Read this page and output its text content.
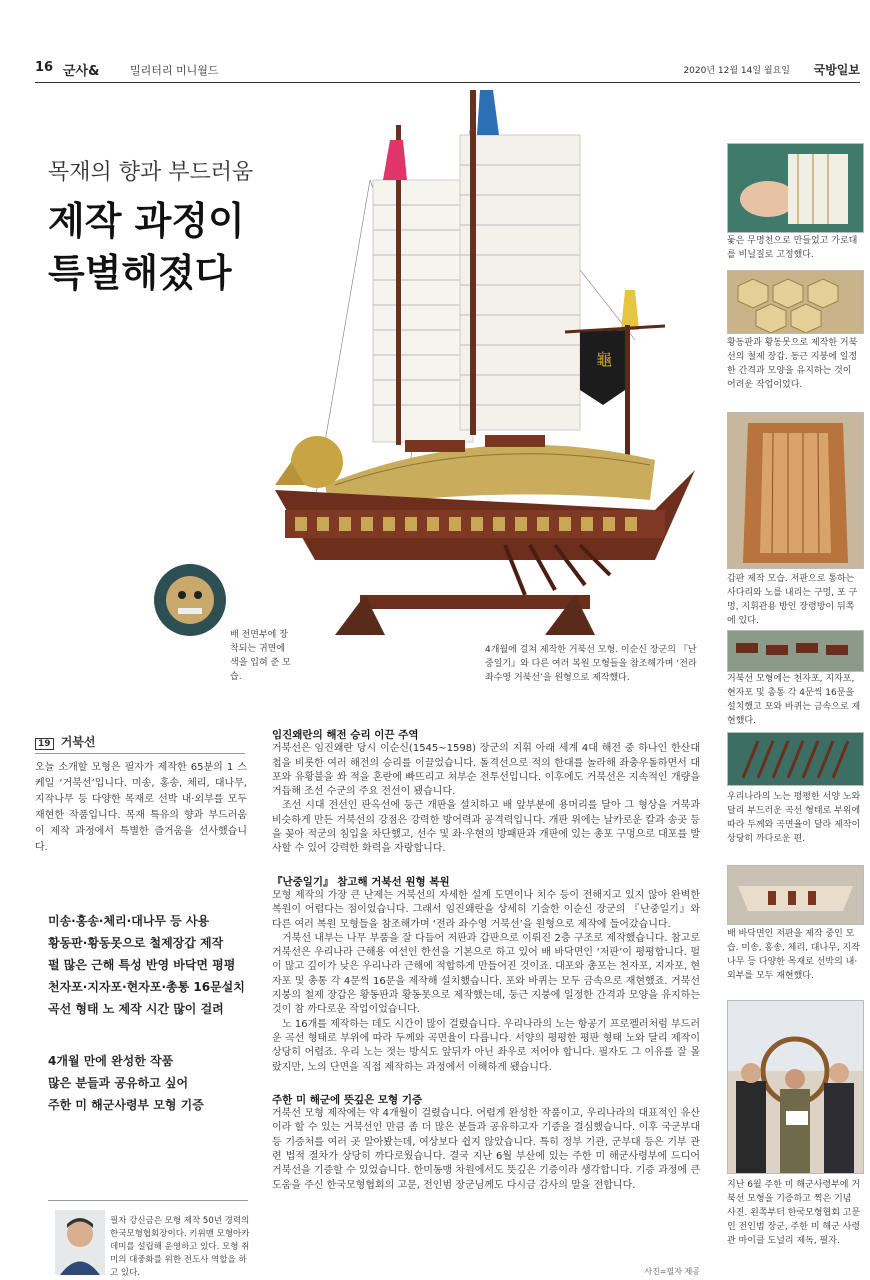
16 군사&	밀리터리 미니월드	2020년 12월 14일 월요일 국방일보
목재의 향과 부드러움
제작 과정이
특별해졌다
龜
배 전면부에 장착되는 귀면에 색을 입혀 준 모습.
4개월에 걸쳐 제작한 거북선 모형. 이순신 장군의 『난중일기』와 다른 여러 복원 모형들을 참조해가며 ‘전라 좌수영 거북선’을 원형으로 제작했다.
돛은 무명천으로 만들었고 가로대를 비닐질로 고정했다.
황동판과 황동못으로 제작한 거북선의 철제 장갑. 동근 지붕에 일정한 간격과 모양을 유지하는 것이 어려운 작업이었다.
갑판 제작 모습. 저판으로 통하는 사다리와 노를 내리는 구멍, 포 구멍, 지휘관용 방인 장령방이 뒤쪽에 있다.
거북선 모형에는 천자포, 지자포, 현자포 및 총통 각 4문씩 16문을 설치했고 포와 바퀴는 금속으로 재현했다.
우리나라의 노는 평평한 서양 노와 달리 부드러운 곡선 형태로 부위에 따라 두께와 곡면율이 달라 제작이 상당히 까다로운 편.
배 바닥면인 저판을 제작 중인 모습. 미송, 홍송, 체리, 대나무, 지작나무 등 다양한 목재로 선박의 내·외부를 모두 재현했다.
지난 6월 주한 미 해군사령부에 거북선 모형을 기증하고 찍은 기념 사진. 왼쪽부터 한국모형협회 고문인 전인범 장군, 주한 미 해군 사령관 마이클 도널리 제독, 필자.
19 거북선
오늘 소개할 모형은 필자가 제작한 65분의 1 스케일 ‘거북선’입니다. 미송, 홍송, 체리, 대나무, 지작나무 등 다양한 목재로 선박 내·외부를 모두 재현한 작품입니다. 목재 특유의 향과 부드러움이 제작 과정에서 특별한 즐거움을 선사했습니다.
미송·홍송·체리·대나무 등 사용
황동판·황동못으로 철제장갑 제작
펄 많은 근해 특성 반영 바닥면 평평
천자포·지자포·현자포·총통 16문설치
곡선 형태 노 제작 시간 많이 걸려
4개월 만에 완성한 작품
많은 분들과 공유하고 싶어
주한 미 해군사령부 모형 기증
필자 강신금은 모형 제작 50년 경력의 한국모형협회장이다. 키위맨 모형아카데미를 설립해 운영하고 있다. 모형 취미의 대중화를 위한 전도사 역할을 하고 있다.
임진왜란의 해전 승리 이끈 주역
거북선은 임진왜란 당시 이순신(1545~1598) 장군의 지휘 아래 세계 4대 해전 중 하나인 한산대첩을 비롯한 여러 해전의 승리를 이끌었습니다. 돌격선으로 적의 한대를 놀라해 좌충우돌하면서 대포와 유황불을 쏴 적을 혼란에 빠뜨리고 쳐부순 전투선입니다. 이후에도 거북선은 지속적인 개량을 거듭해 조선 수군의 주요 전선이 됐습니다.
조선 시대 전선인 판옥선에 둥근 개판을 설치하고 배 앞부분에 용머리를 달아 그 형상을 거북과 비슷하게 만든 거북선의 강점은 강력한 방어력과 공격력입니다. 개판 위에는 날카로운 칼과 송곳 등을 꽂아 적군의 침입을 차단했고, 선수 및 좌·우현의 방패판과 개판에 있는 총포 구멍으로 대포를 발사할 수 있어 강력한 화력을 자랑합니다.
『난중일기』 참고해 거북선 원형 복원
모형 제작의 가장 큰 난제는 거북선의 자세한 설계 도면이나 치수 등이 전해지고 있지 않아 완벽한 복원이 어렵다는 점이었습니다. 그래서 임진왜란을 상세히 기술한 이순신 장군의 『난중일기』와 다른 여러 복원 모형들을 참조해가며 ‘전라 좌수영 거북선’을 원형으로 제작에 들어갔습니다.
거북선 내부는 나무 부품을 잘 다듬어 저판과 갑판으로 이뤄진 2층 구조로 제작했습니다. 참고로 거북선은 우리나라 근해용 여선인 한선을 기본으로 하고 있어 배 바닥면인 ‘저판’이 평평합니다. 펄이 많고 깊이가 낮은 우리나라 근해에 적합하게 만들어진 것이죠. 대포와 총포는 천자포, 지자포, 현자포 및 총통 각 4문씩 16문을 제작해 설치했습니다. 포와 바퀴는 모두 금속으로 재현했죠. 거북선 지붕의 철제 장갑은 황동판과 황동못으로 제작했는데, 둥근 지붕에 일정한 간격과 모양을 유지하는 것이 참 까다로운 작업이었습니다.
노 16개를 제작하는 데도 시간이 많이 걸렸습니다. 우리나라의 노는 항공기 프로펠러처럼 부드러운 곡선 형태로 부위에 따라 두께와 곡면율이 다릅니다. 서양의 평평한 평판 형태 노와 달리 제작이 상당히 어렵죠. 우리 노는 젓는 방식도 앞뒤가 아닌 좌우로 저어야 합니다. 필자도 그 이유를 잘 몰랐지만, 노의 단면을 직접 제작하는 과정에서 이해하게 됐습니다.
주한 미 해군에 뜻깊은 모형 기증
거북선 모형 제작에는 약 4개월이 걸렸습니다. 어렵게 완성한 작품이고, 우리나라의 대표적인 유산이라 할 수 있는 거북선인 만큼 좀 더 많은 분들과 공유하고자 기증을 결심했습니다. 이후 국군부대 등 기증처를 여러 곳 알아봤는데, 여상보다 쉽지 않았습니다. 특히 정부 기관, 군부대 등은 기부 관련 법적 절차가 상당히 까다로웠습니다. 결국 지난 6월 부산에 있는 주한 미 해군사령부에 드디어 거북선을 기증할 수 있었습니다. 한미동맹 차원에서도 뜻깊은 기증이라 생각합니다. 기증 과정에 큰 도움을 주신 한국모형협회의 고문, 전인범 장군님께도 다시금 감사의 말을 전합니다.
사진=필자 제공
